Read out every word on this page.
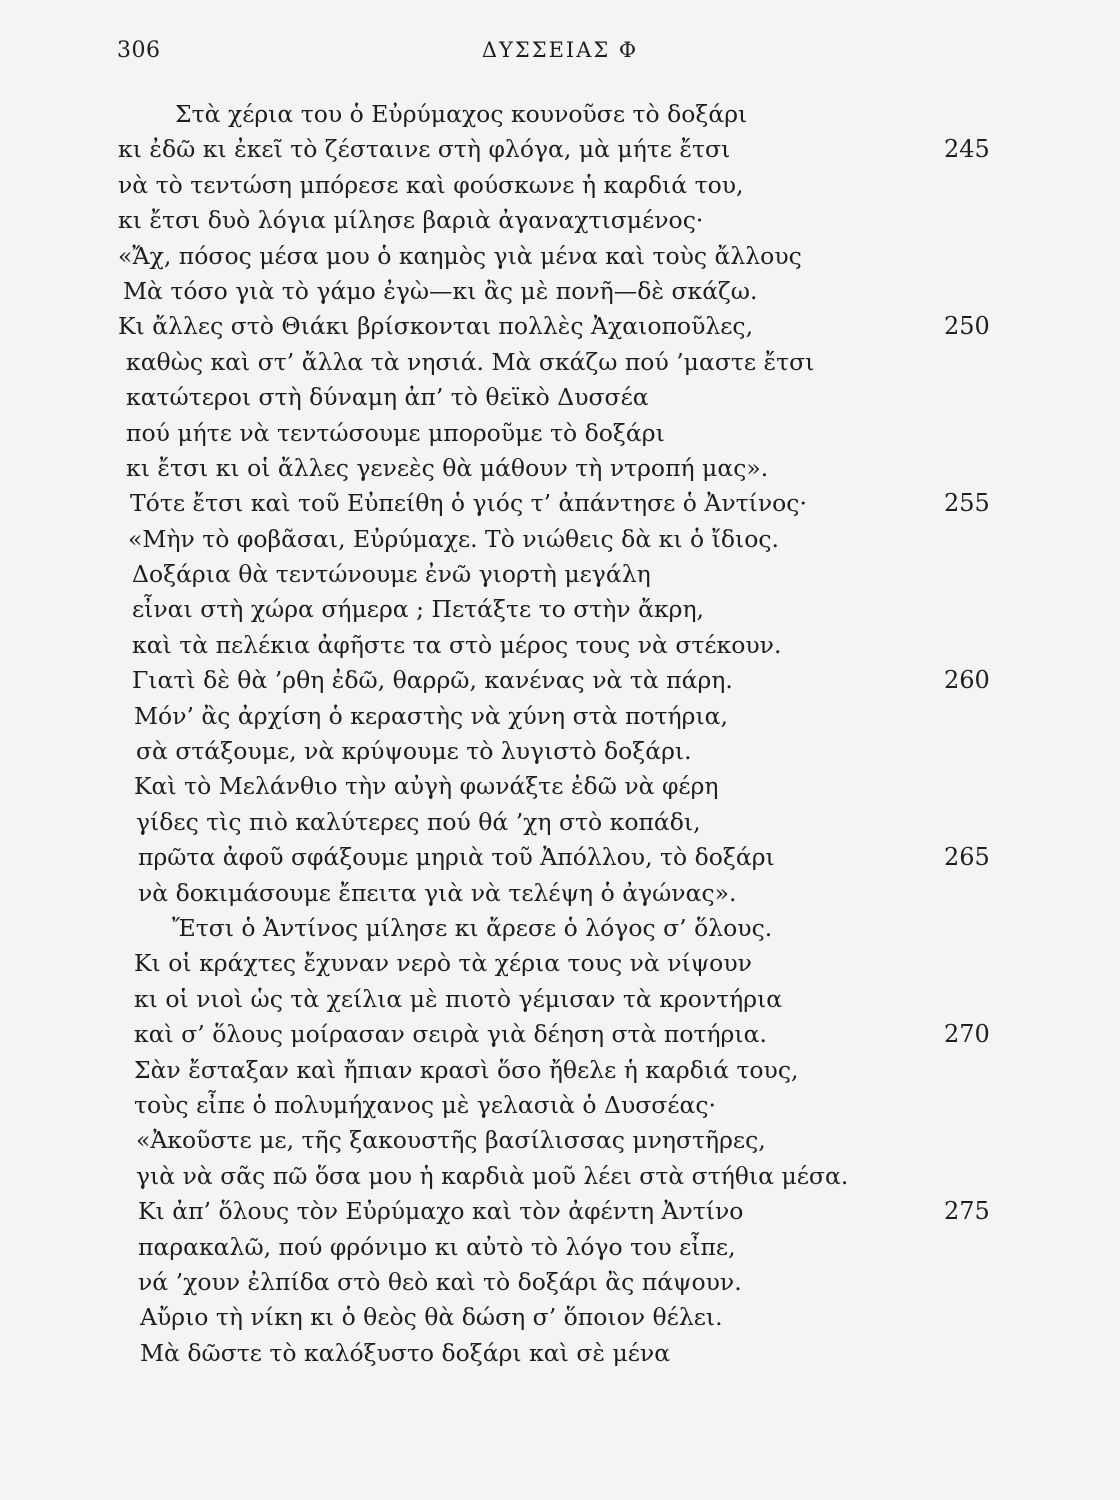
306	ΔΥΣΣΕΙΑΣ Φ
Στὰ χέρια του ὁ Εὐρύμαχος κουνοῦσε τὸ δοξάρι
κι ἐδῶ κι ἐκεῖ τὸ ζέσταινε στὴ φλόγα, μὰ μήτε ἔτσι	245
νὰ τὸ τεντώση μπόρεσε καὶ φούσκωνε ἡ καρδιά του,
κι ἔτσι δυὸ λόγια μίλησε βαριὰ ἀγαναχτισμένος·
«Ἄχ, πόσος μέσα μου ὁ καημὸς γιὰ μένα καὶ τοὺς ἄλλους
Μὰ τόσο γιὰ τὸ γάμο ἐγὼ—κι ἂς μὲ πονῆ—δὲ σκάζω.
Κι ἄλλες στὸ Θιάκι βρίσκονται πολλὲς Ἀχαιοποῦλες,	250
καθὼς καὶ στ’ ἄλλα τὰ νησιά. Μὰ σκάζω πού ’μαστε ἔτσι
κατώτεροι στὴ δύναμη ἀπ’ τὸ θεϊκὸ Δυσσέα
πού μήτε νὰ τεντώσουμε μποροῦμε τὸ δοξάρι
κι ἔτσι κι οἱ ἄλλες γενεὲς θὰ μάθουν τὴ ντροπή μας».
Τότε ἔτσι καὶ τοῦ Εὐπείθη ὁ γιός τ’ ἀπάντησε ὁ Ἀντίνος·	255
«Μὴν τὸ φοβᾶσαι, Εὐρύμαχε. Τὸ νιώθεις δὰ κι ὁ ἴδιος.
Δοξάρια θὰ τεντώνουμε ἐνῶ γιορτὴ μεγάλη
εἶναι στὴ χώρα σήμερα ; Πετάξτε το στὴν ἄκρη,
καὶ τὰ πελέκια ἀφῆστε τα στὸ μέρος τους νὰ στέκουν.
Γιατὶ δὲ θὰ ’ρθη ἐδῶ, θαρρῶ, κανένας νὰ τὰ πάρη.	260
Μόν’ ἂς ἀρχίση ὁ κεραστὴς νὰ χύνη στὰ ποτήρια,
σὰ στάξουμε, νὰ κρύψουμε τὸ λυγιστὸ δοξάρι.
Καὶ τὸ Μελάνθιο τὴν αὐγὴ φωνάξτε ἐδῶ νὰ φέρη
γίδες τὶς πιὸ καλύτερες πού θά ’χη στὸ κοπάδι,
πρῶτα ἀφοῦ σφάξουμε μηριὰ τοῦ Ἀπόλλου, τὸ δοξάρι	265
νὰ δοκιμάσουμε ἔπειτα γιὰ νὰ τελέψη ὁ ἀγώνας».
Ἔτσι ὁ Ἀντίνος μίλησε κι ἄρεσε ὁ λόγος σ’ ὅλους.
Κι οἱ κράχτες ἔχυναν νερὸ τὰ χέρια τους νὰ νίψουν
κι οἱ νιοὶ ὡς τὰ χείλια μὲ πιοτὸ γέμισαν τὰ κροντήρια
καὶ σ’ ὅλους μοίρασαν σειρὰ γιὰ δέηση στὰ ποτήρια.	270
Σὰν ἔσταξαν καὶ ἤπιαν κρασὶ ὅσο ἤθελε ἡ καρδιά τους,
τοὺς εἶπε ὁ πολυμήχανος μὲ γελασιὰ ὁ Δυσσέας·
«Ἀκοῦστε με, τῆς ξακουστῆς βασίλισσας μνηστῆρες,
γιὰ νὰ σᾶς πῶ ὅσα μου ἡ καρδιὰ μοῦ λέει στὰ στήθια μέσα.
Κι ἀπ’ ὅλους τὸν Εὐρύμαχο καὶ τὸν ἀφέντη Ἀντίνο	275
παρακαλῶ, πού φρόνιμο κι αὐτὸ τὸ λόγο του εἶπε,
νά ’χουν ἐλπίδα στὸ θεὸ καὶ τὸ δοξάρι ἂς πάψουν.
Αὔριο τὴ νίκη κι ὁ θεὸς θὰ δώση σ’ ὅποιον θέλει.
Μὰ δῶστε τὸ καλόξυστο δοξάρι καὶ σὲ μένα
